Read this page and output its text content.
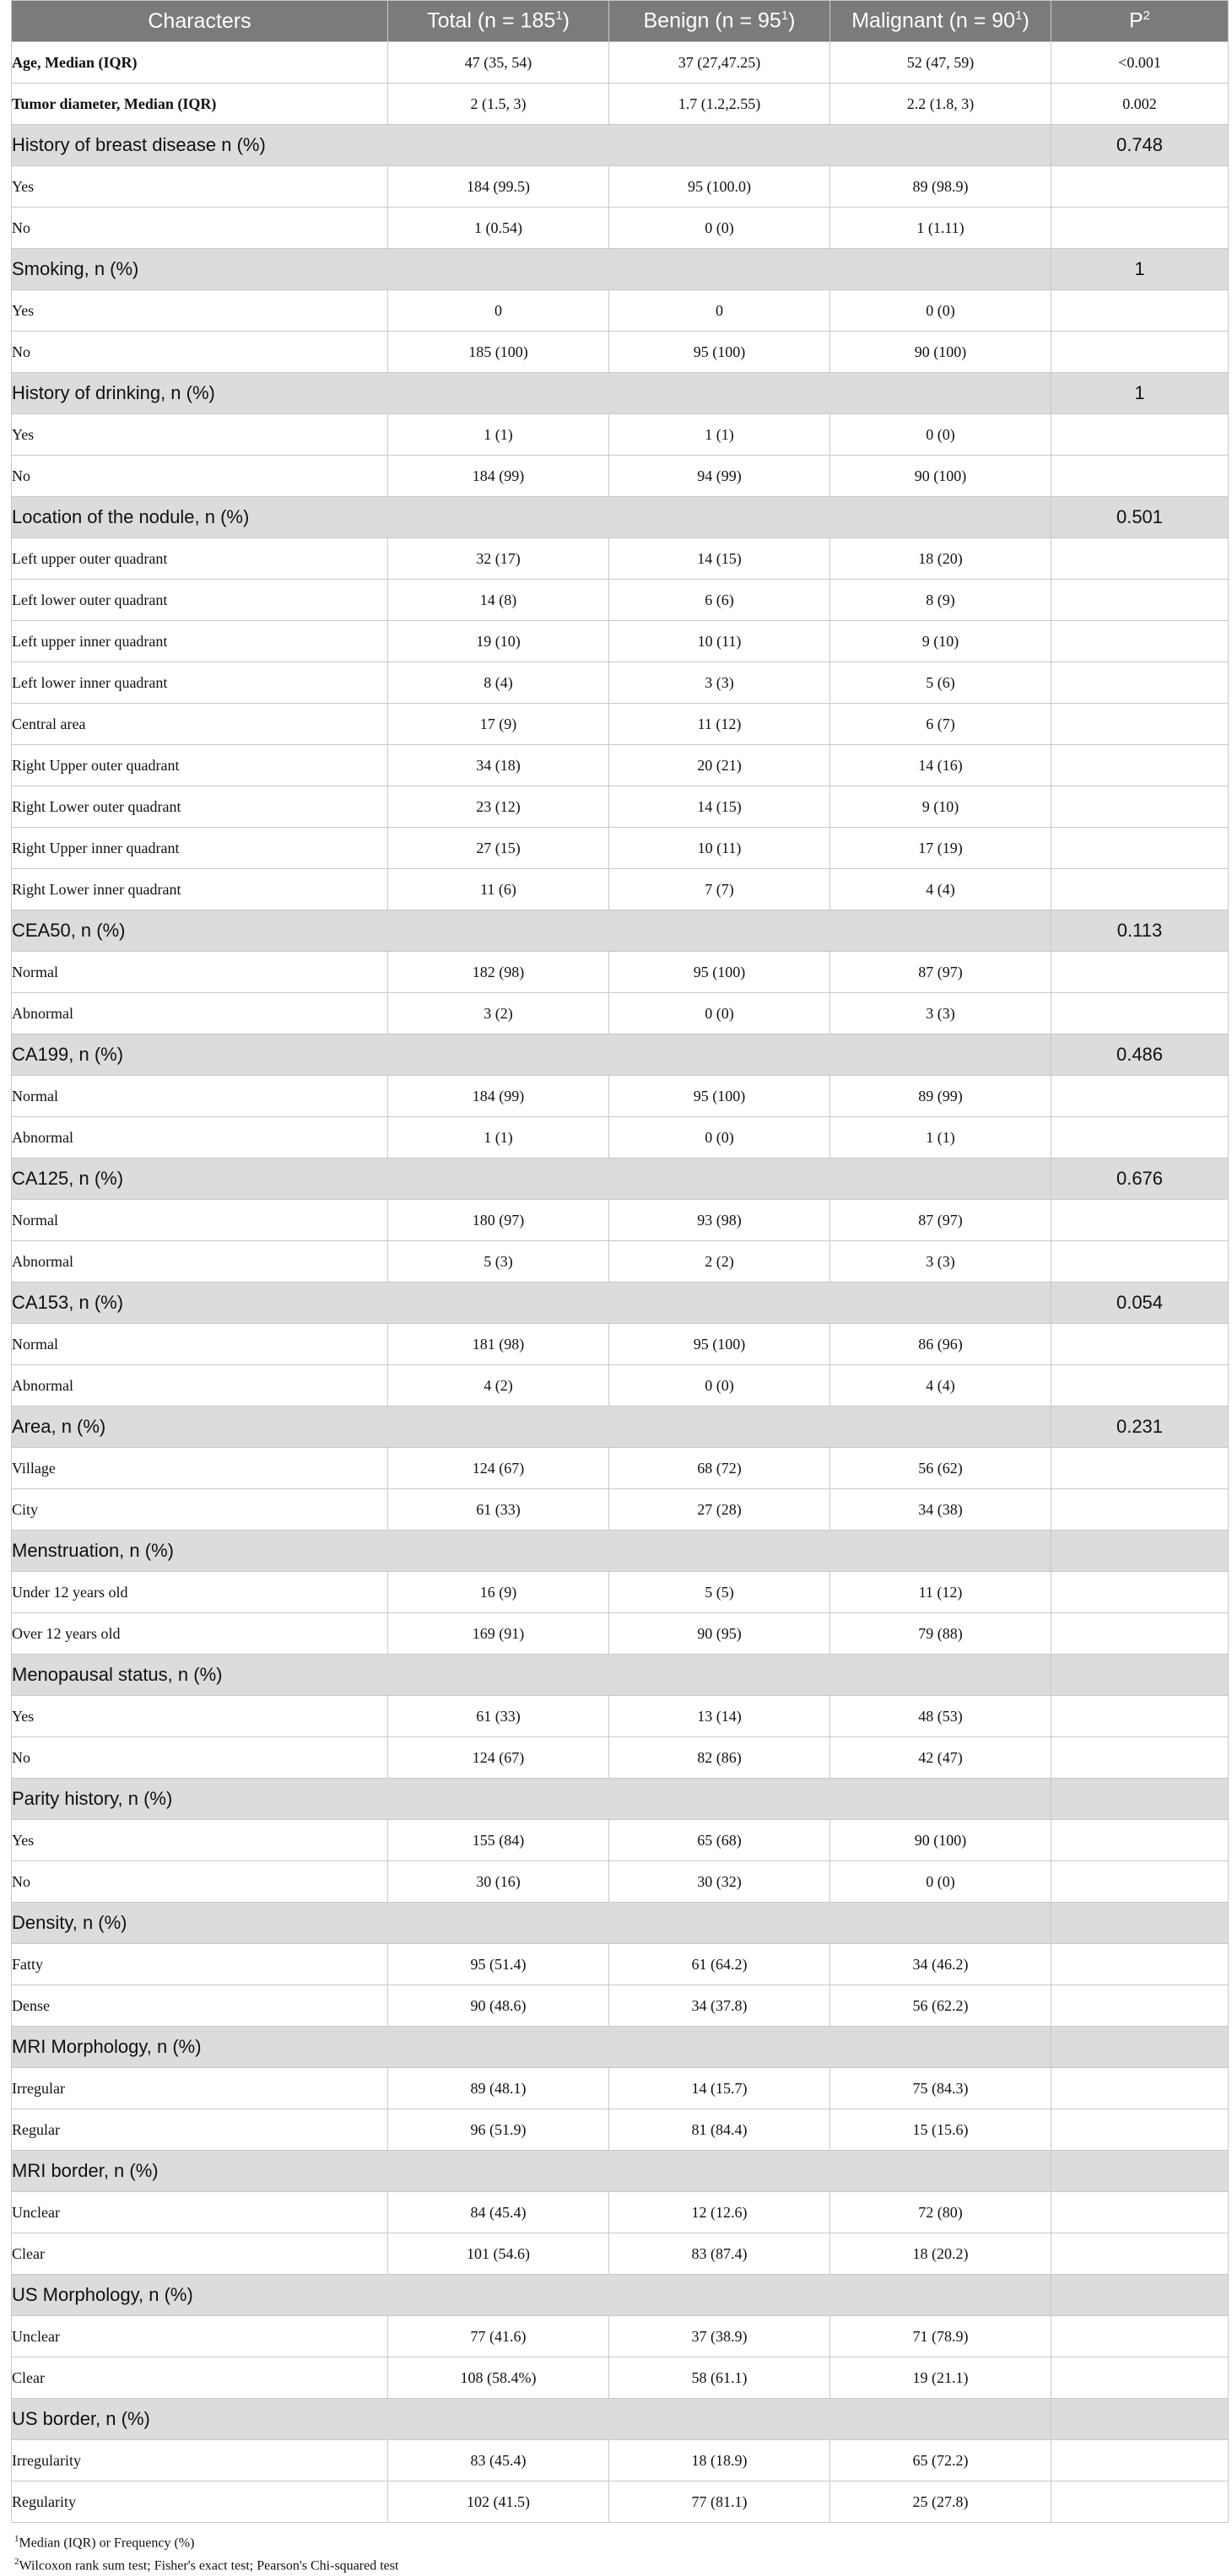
Characters	Total $(n = 185^1)$	Benign $(n = 95^1)$	Malignant $(n = 90^1)$	$P^2$
Age, Median (IQR)	47 (35, 54)	37 (27,47.25)	52 (47, 59)	<0.001
Tumor diameter, Median (IQR)	2 (1.5, 3)	1.7 (1.2,2.55)	2.2 (1.8, 3)	0.002
History of breast disease n (%)				0.748
Yes	184 (99.5)	95 (100.0)	89 (98.9)	
No	1 (0.54)	0 (0)	1 (1.11)	
Smoking, n (%)				1
Yes	0	0	0 (0)	
No	185 (100)	95 (100)	90 (100)	
History of drinking, n (%)				1
Yes	1 (1)	1 (1)	0 (0)	
No	184 (99)	94 (99)	90 (100)	
Location of the nodule, n (%)				0.501
Left upper outer quadrant	32 (17)	14 (15)	18 (20)	
Left lower outer quadrant	14 (8)	6 (6)	8 (9)	
Left upper inner quadrant	19 (10)	10 (11)	9 (10)	
Left lower inner quadrant	8 (4)	3 (3)	5 (6)	
Central area	17 (9)	11 (12)	6 (7)	
Right Upper outer quadrant	34 (18)	20 (21)	14 (16)	
Right Lower outer quadrant	23 (12)	14 (15)	9 (10)	
Right Upper inner quadrant	27 (15)	10 (11)	17 (19)	
Right Lower inner quadrant	11 (6)	7 (7)	4 (4)	
CEA50, n (%)				0.113
Normal	182 (98)	95 (100)	87 (97)	
Abnormal	3 (2)	0 (0)	3 (3)	
CA199, n (%)				0.486
Normal	184 (99)	95 (100)	89 (99)	
Abnormal	1 (1)	0 (0)	1 (1)	
CA125, n (%)				0.676
Normal	180 (97)	93 (98)	87 (97)	
Abnormal	5 (3)	2 (2)	3 (3)	
CA153, n (%)				0.054
Normal	181 (98)	95 (100)	86 (96)	
Abnormal	4 (2)	0 (0)	4 (4)	
Area, n (%)				0.231
Village	124 (67)	68 (72)	56 (62)	
City	61 (33)	27 (28)	34 (38)	
Menstruation, n (%)				
Under 12 years old	16 (9)	5 (5)	11 (12)	
Over 12 years old	169 (91)	90 (95)	79 (88)	
Menopausal status, n (%)				
Yes	61 (33)	13 (14)	48 (53)	
No	124 (67)	82 (86)	42 (47)	
Parity history, n (%)				
Yes	155 (84)	65 (68)	90 (100)	
No	30 (16)	30 (32)	0 (0)	
Density, n (%)				
Fatty	95 (51.4)	61 (64.2)	34 (46.2)	
Dense	90 (48.6)	34 (37.8)	56 (62.2)	
MRI Morphology, n (%)				
Irregular	89 (48.1)	14 (15.7)	75 (84.3)	
Regular	96 (51.9)	81 (84.4)	15 (15.6)	
MRI border, n (%)				
Unclear	84 (45.4)	12 (12.6)	72 (80)	
Clear	101 (54.6)	83 (87.4)	18 (20.2)	
US Morphology, n (%)				
Unclear	77 (41.6)	37 (38.9)	71 (78.9)	
Clear	108 (58.4%)	58 (61.1)	19 (21.1)	
US border, n (%)				
Irregularity	83 (45.4)	18 (18.9)	65 (72.2)	
Regularity	102 (41.5)	77 (81.1)	25 (27.8)	
$^1$Median (IQR) or Frequency (%)
$^2$Wilcoxon rank sum test; Fisher's exact test; Pearson's Chi-squared test
